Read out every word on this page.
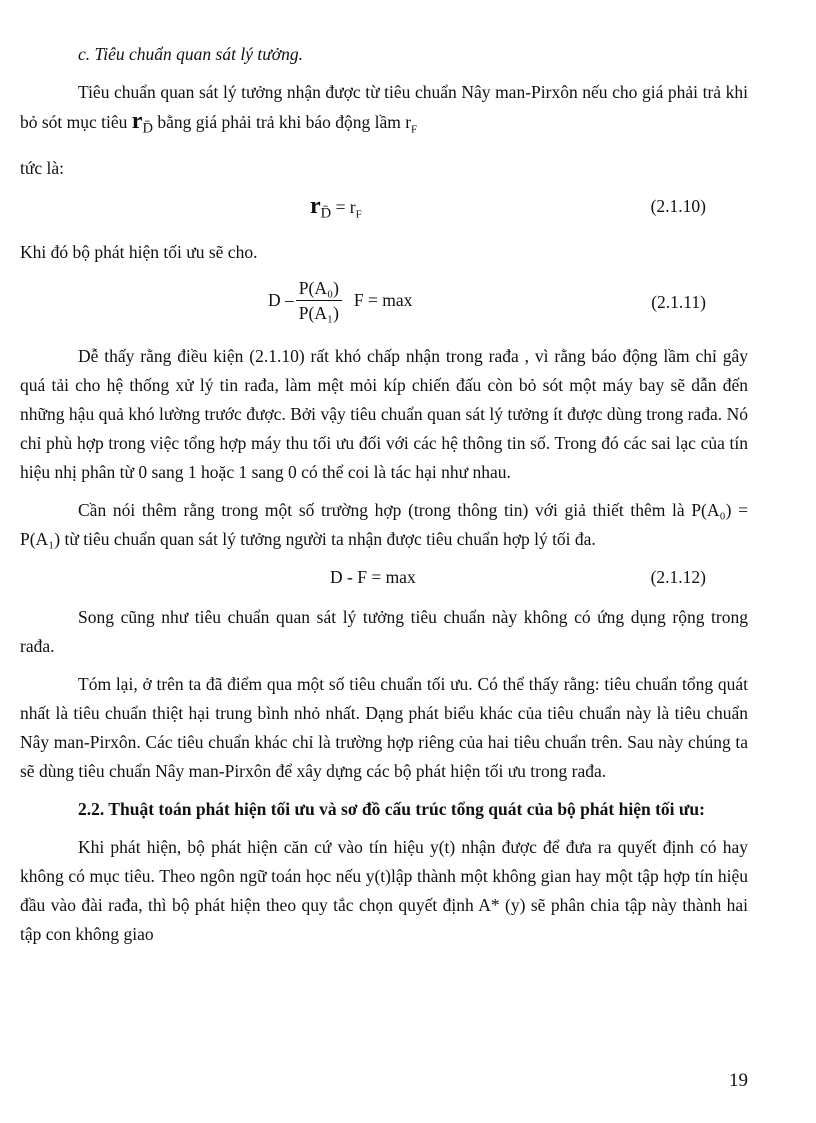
c. Tiêu chuẩn quan sát lý tưởng.

Tiêu chuẩn quan sát lý tưởng nhận được từ tiêu chuẩn Nây man-Pirxôn nếu cho giá phải trả khi bỏ sót mục tiêu $r_{D̄}$ bằng giá phải trả khi báo động lầm $r_F$

tức là:

$r_{D̄} = r_F$	(2.1.10)

Khi đó bộ phát hiện tối ưu sẽ cho.

D – $\frac{\text{P(A₀)}}{\text{P(A₁)}}$ F = max	(2.1.11)

Dễ thấy rằng điều kiện (2.1.10) rất khó chấp nhận trong rađa , vì rằng báo động lầm chỉ gây quá tải cho hệ thống xử lý tin rađa, làm mệt mỏi kíp chiến đấu còn bỏ sót một máy bay sẽ dẫn đến những hậu quả khó lường trước được. Bởi vậy tiêu chuẩn quan sát lý tưởng ít được dùng trong rađa. Nó chỉ phù hợp trong việc tổng hợp máy thu tối ưu đối với các hệ thông tin số. Trong đó các sai lạc của tín hiệu nhị phân từ 0 sang 1 hoặc 1 sang 0 có thể coi là tác hại như nhau.

Cần nói thêm rằng trong một số trường hợp (trong thông tin) với giả thiết thêm là P(A₀) = P(A₁) từ tiêu chuẩn quan sát lý tưởng người ta nhận được tiêu chuẩn hợp lý tối đa.

D - F = max	(2.1.12)

Song cũng như tiêu chuẩn quan sát lý tưởng tiêu chuẩn này không có ứng dụng rộng trong rađa.

Tóm lại, ở trên ta đã điểm qua một số tiêu chuẩn tối ưu. Có thể thấy rằng: tiêu chuẩn tổng quát nhất là tiêu chuẩn thiệt hại trung bình nhỏ nhất. Dạng phát biểu khác của tiêu chuẩn này là tiêu chuẩn Nây man-Pirxôn. Các tiêu chuẩn khác chỉ là trường hợp riêng của hai tiêu chuẩn trên. Sau này chúng ta sẽ dùng tiêu chuẩn Nây man-Pirxôn để xây dựng các bộ phát hiện tối ưu trong rađa.

2.2. Thuật toán phát hiện tối ưu và sơ đồ cấu trúc tổng quát của bộ phát hiện tối ưu:

Khi phát hiện, bộ phát hiện căn cứ vào tín hiệu y(t) nhận được để đưa ra quyết định có hay không có mục tiêu. Theo ngôn ngữ toán học nếu y(t)lập thành một không gian hay một tập hợp tín hiệu đầu vào đài rađa, thì bộ phát hiện theo quy tắc chọn quyết định A* (y) sẽ phân chia tập này thành hai tập con không giao

19
